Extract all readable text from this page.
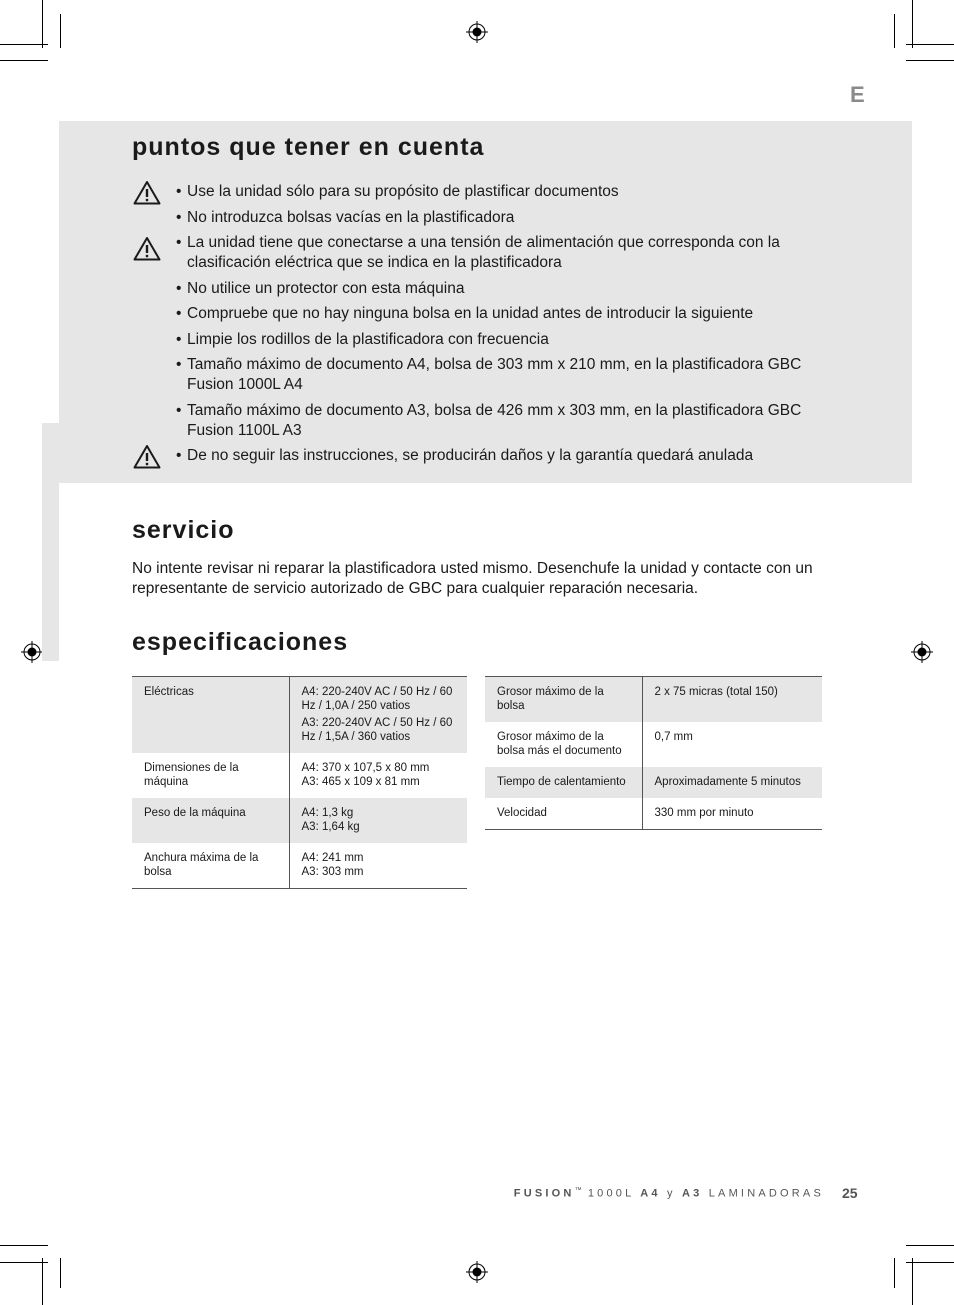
E
puntos que tener en cuenta
• Use la unidad sólo para su propósito de plastificar documentos
• No introduzca bolsas vacías en la plastificadora
• La unidad tiene que conectarse a una tensión de alimentación que corresponda con la clasificación eléctrica que se indica en la plastificadora
• No utilice un protector con esta máquina
• Compruebe que no hay ninguna bolsa en la unidad antes de introducir la siguiente
• Limpie los rodillos de la plastificadora con frecuencia
• Tamaño máximo de documento A4, bolsa de 303 mm x 210 mm, en la plastificadora GBC Fusion 1000L A4
• Tamaño máximo de documento A3, bolsa de 426 mm x 303 mm, en la plastificadora GBC Fusion 1100L A3
• De no seguir las instrucciones, se producirán daños y la garantía quedará anulada
servicio
No intente revisar ni reparar la plastificadora usted mismo. Desenchufe la unidad y contacte con un representante de servicio autorizado de GBC para cualquier reparación necesaria.
especificaciones
Eléctricas	A4: 220-240V AC / 50 Hz / 60 Hz / 1,0A / 250 vatios
A3: 220-240V AC / 50 Hz / 60 Hz / 1,5A / 360 vatios

Dimensiones de la máquina	A4: 370 x 107,5 x 80 mm
A3: 465 x 109 x 81 mm

Peso de la máquina	A4: 1,3 kg
A3: 1,64 kg

Anchura máxima de la bolsa	A4: 241 mm
A3: 303 mm
Grosor máximo de la bolsa	2 x 75 micras (total 150)
Grosor máximo de la bolsa más el documento	0,7 mm
Tiempo de calentamiento	Aproximadamente 5 minutos
Velocidad	330 mm por minuto
FUSION™ 1000L A4 y A3 LAMINADORAS 25
